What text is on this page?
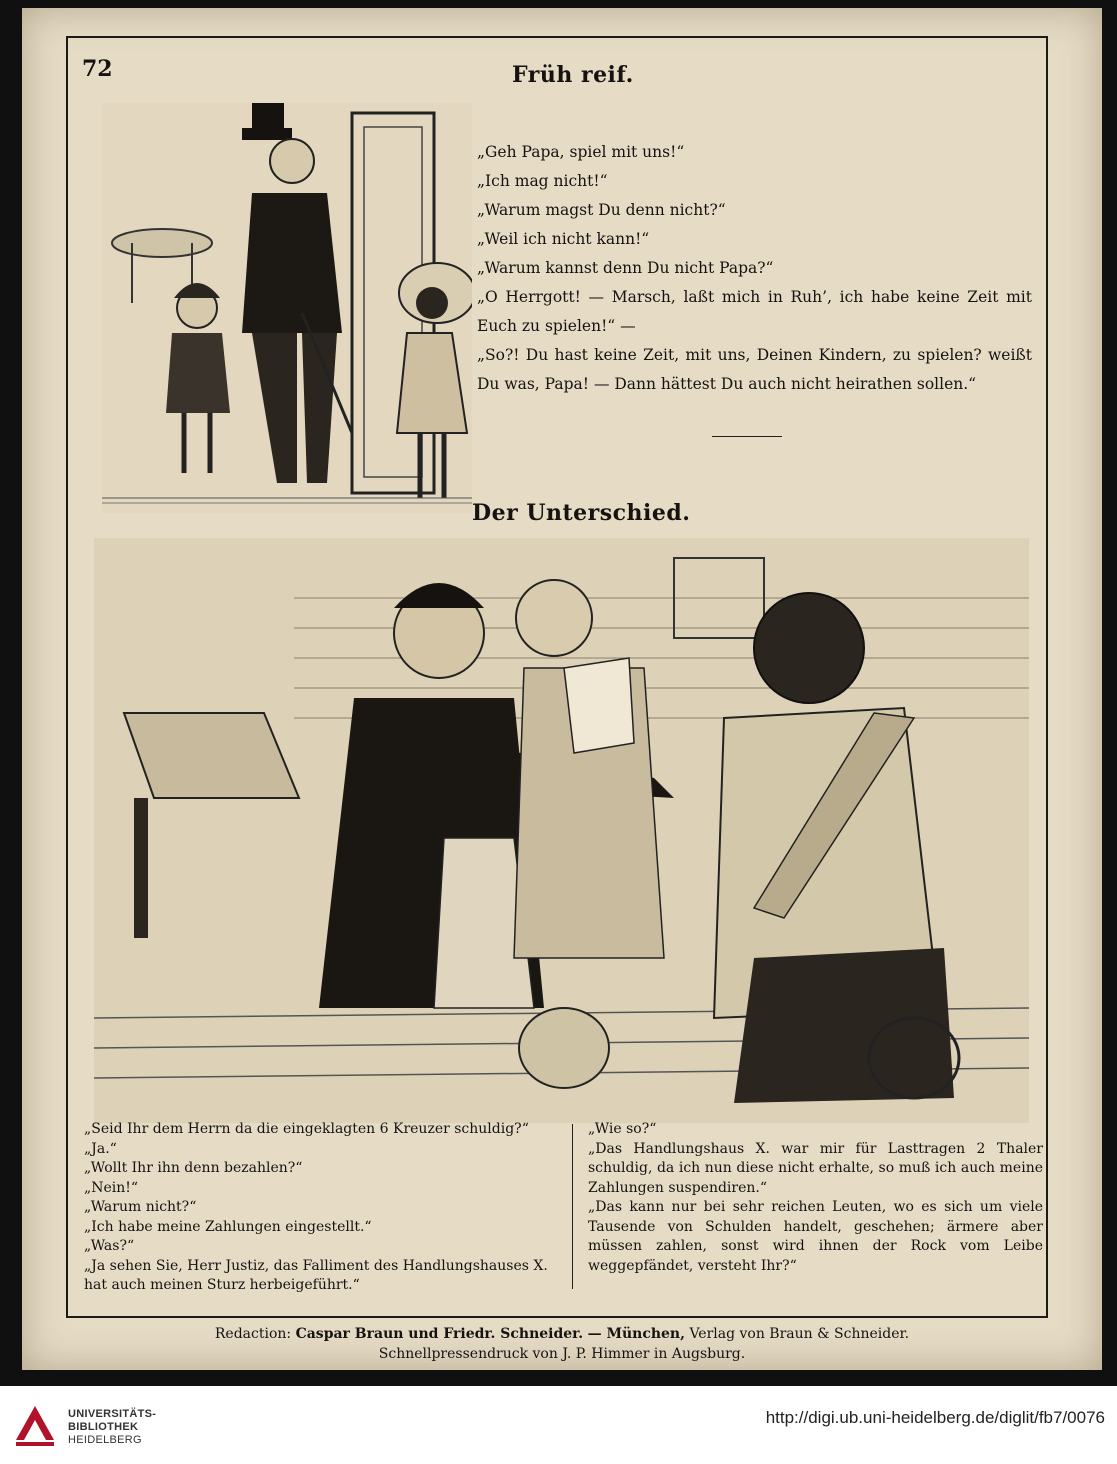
72	Früh reif.

„Geh Papa, spiel mit uns!“

„Ich mag nicht!“

„Warum magst Du denn nicht?“

„Weil ich nicht kann!“

„Warum kannst denn Du nicht Papa?“

„O Herrgott! — Marsch, laßt mich in Ruh’, ich habe keine Zeit mit Euch zu spielen!“ —

„So?! Du hast keine Zeit, mit uns, Deinen Kindern, zu spielen? weißt Du was, Papa! — Dann hättest Du auch nicht heirathen sollen.“

Der Unterschied.

„Seid Ihr dem Herrn da die eingeklagten 6 Kreuzer schuldig?“

„Ja.“

„Wollt Ihr ihn denn bezahlen?“

„Nein!“

„Warum nicht?“

„Ich habe meine Zahlungen eingestellt.“

„Was?“

„Ja sehen Sie, Herr Justiz, das Falliment des Handlungshauses X. hat auch meinen Sturz herbeigeführt.“

„Wie so?“

„Das Handlungshaus X. war mir für Lasttragen 2 Thaler schuldig, da ich nun diese nicht erhalte, so muß ich auch meine Zahlungen suspendiren.“

„Das kann nur bei sehr reichen Leuten, wo es sich um viele Tausende von Schulden handelt, geschehen; ärmere aber müssen zahlen, sonst wird ihnen der Rock vom Leibe weggepfändet, versteht Ihr?“

Redaction: Caspar Braun und Friedr. Schneider. — München, Verlag von Braun & Schneider.
Schnellpressendruck von J. P. Himmer in Augsburg.
UNIVERSITÄTS-
BIBLIOTHEK
HEIDELBERG
http://digi.ub.uni-heidelberg.de/diglit/fb7/0076
